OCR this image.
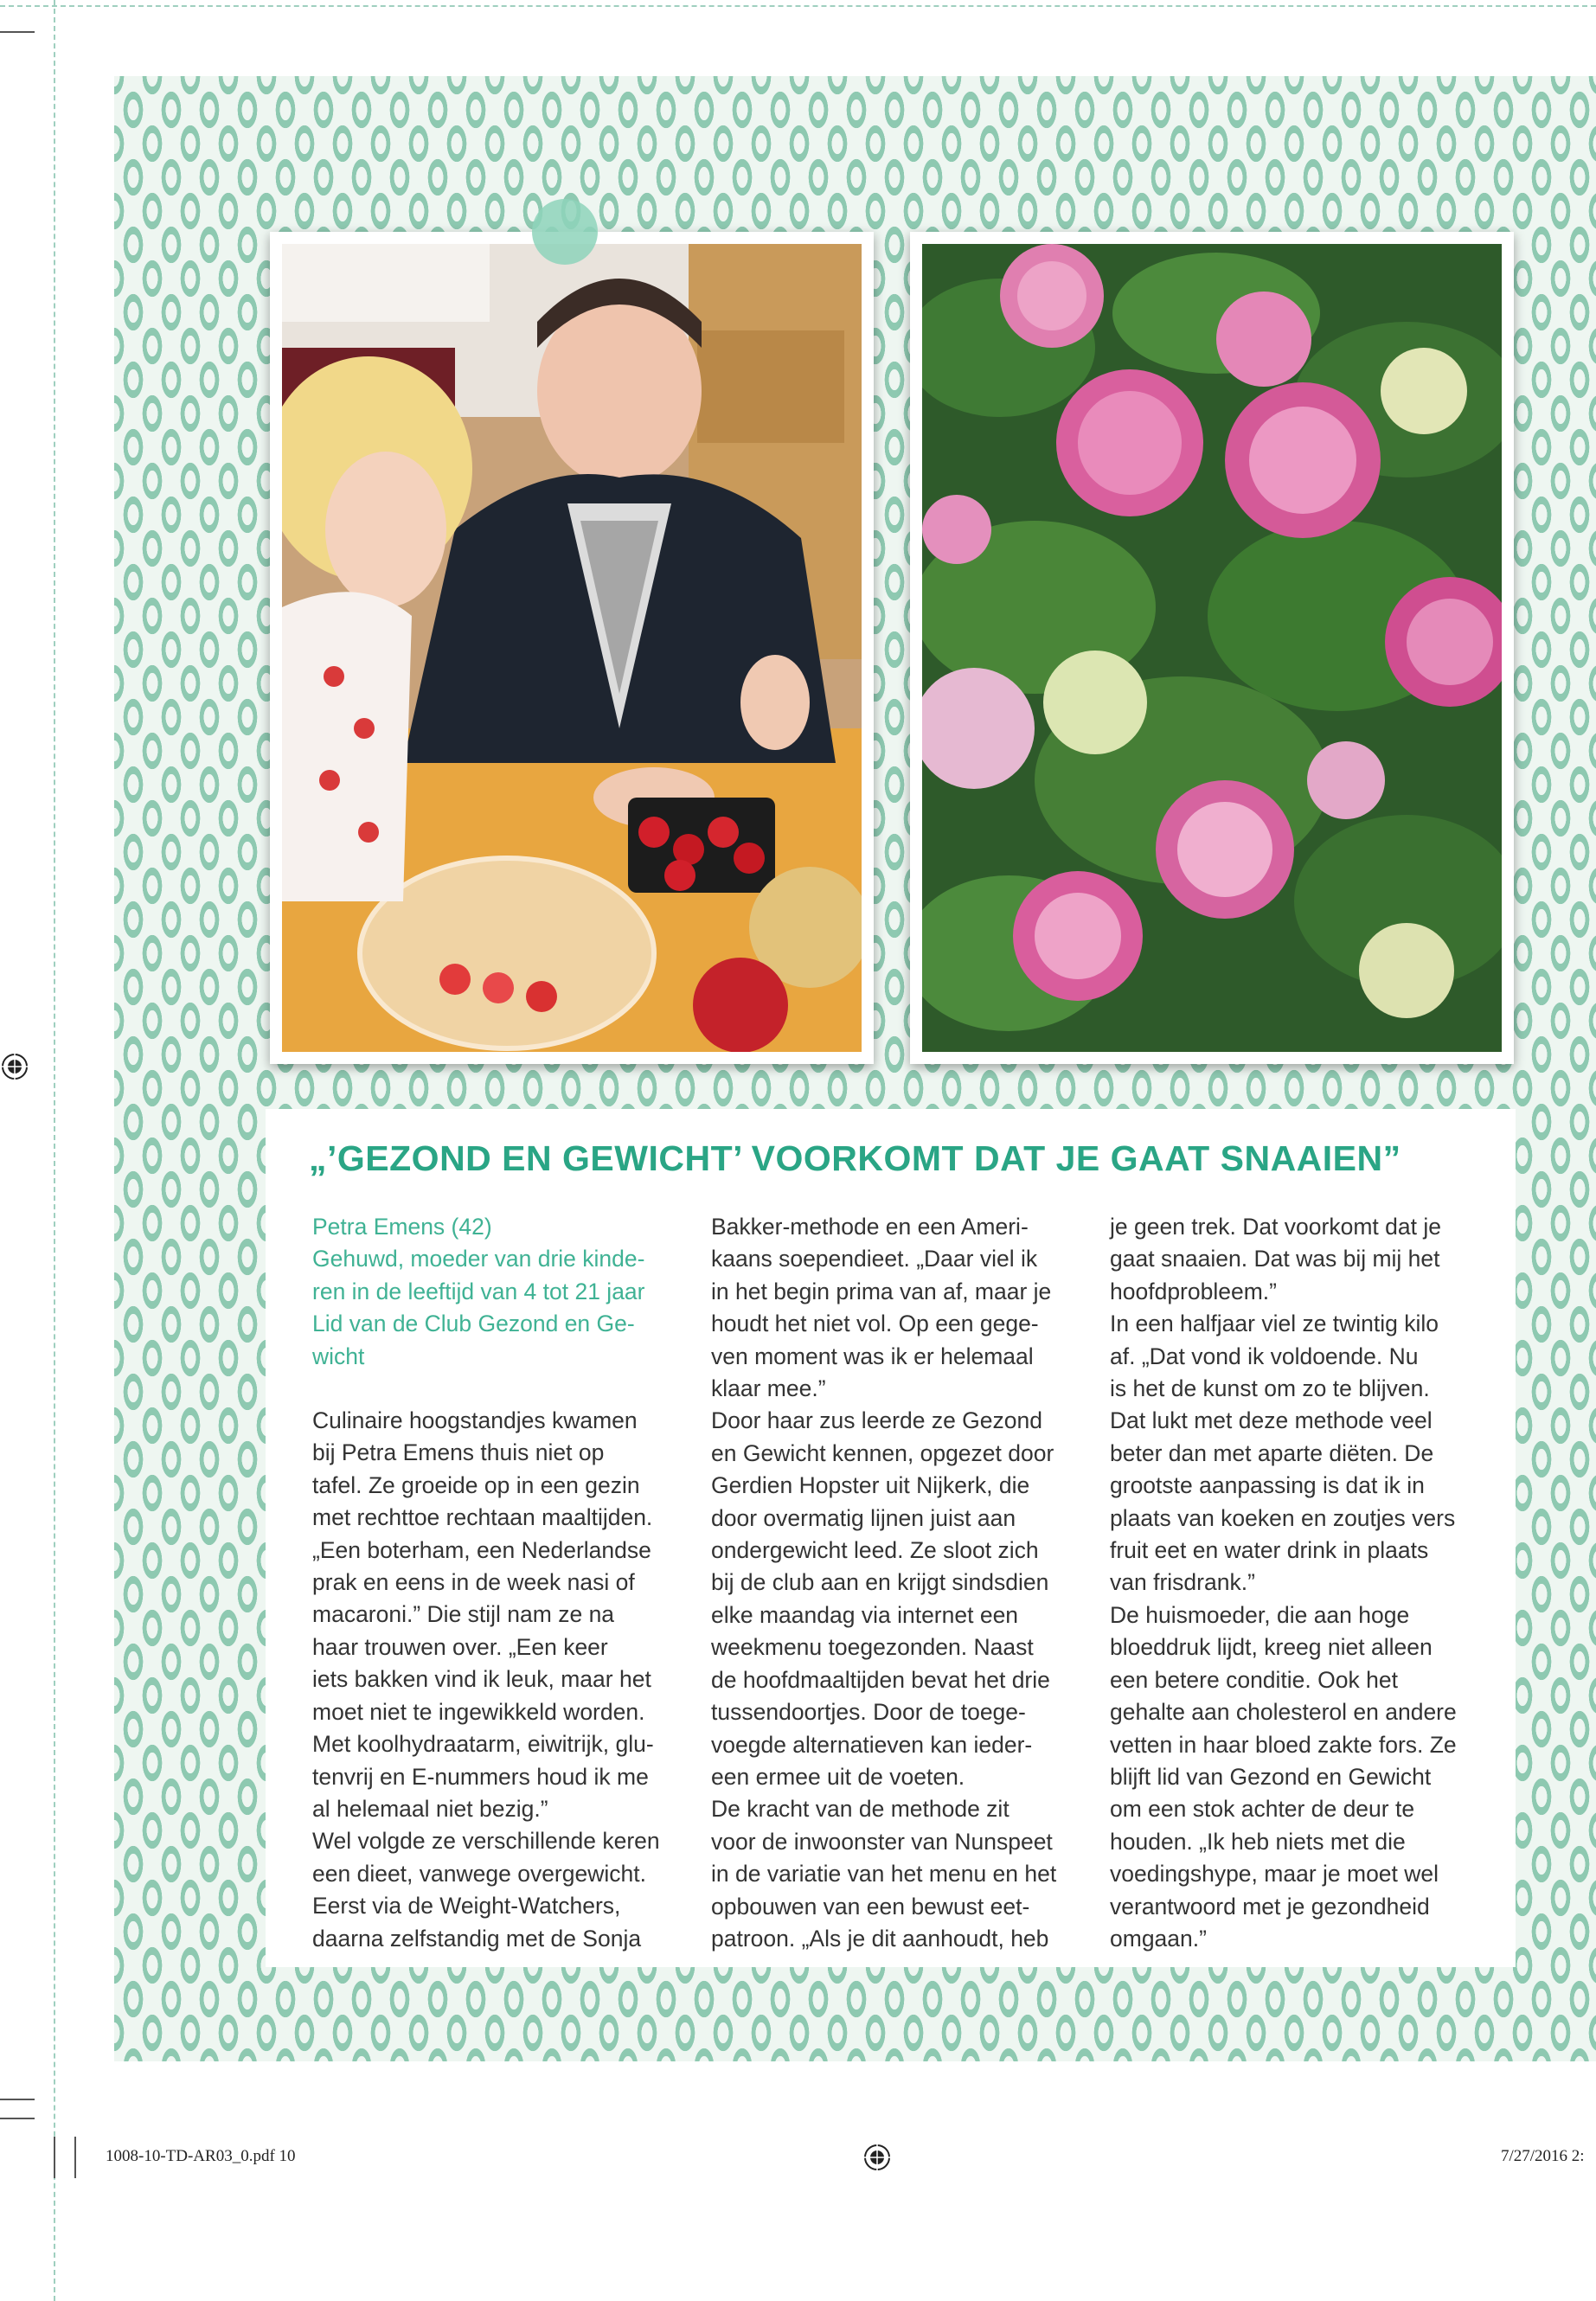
„’GEZOND EN GEWICHT’ VOORKOMT DAT JE GAAT SNAAIEN”

Petra Emens (42)

Gehuwd, moeder van drie kinde-

ren in de leeftijd van 4 tot 21 jaar

Lid van de Club Gezond en Ge-

wicht

Culinaire hoogstandjes kwamen

bij Petra Emens thuis niet op

tafel. Ze groeide op in een gezin

met rechttoe rechtaan maaltijden.

„Een boterham, een Nederlandse

prak en eens in de week nasi of

macaroni.” Die stijl nam ze na

haar trouwen over. „Een keer

iets bakken vind ik leuk, maar het

moet niet te ingewikkeld worden.

Met koolhydraatarm, eiwitrijk, glu-

tenvrij en E-nummers houd ik me

al helemaal niet bezig.”

Wel volgde ze verschillende keren

een dieet, vanwege overgewicht.

Eerst via de Weight-Watchers,

daarna zelfstandig met de Sonja

Bakker-methode en een Ameri-

kaans soependieet. „Daar viel ik

in het begin prima van af, maar je

houdt het niet vol. Op een gege-

ven moment was ik er helemaal

klaar mee.”

Door haar zus leerde ze Gezond

en Gewicht kennen, opgezet door

Gerdien Hopster uit Nijkerk, die

door overmatig lijnen juist aan

ondergewicht leed. Ze sloot zich

bij de club aan en krijgt sindsdien

elke maandag via internet een

weekmenu toegezonden. Naast

de hoofdmaaltijden bevat het drie

tussendoortjes. Door de toege-

voegde alternatieven kan ieder-

een ermee uit de voeten.

De kracht van de methode zit

voor de inwoonster van Nunspeet

in de variatie van het menu en het

opbouwen van een bewust eet-

patroon. „Als je dit aanhoudt, heb

je geen trek. Dat voorkomt dat je

gaat snaaien. Dat was bij mij het

hoofdprobleem.”

In een halfjaar viel ze twintig kilo

af. „Dat vond ik voldoende. Nu

is het de kunst om zo te blijven.

Dat lukt met deze methode veel

beter dan met aparte diëten. De

grootste aanpassing is dat ik in

plaats van koeken en zoutjes vers

fruit eet en water drink in plaats

van frisdrank.”

De huismoeder, die aan hoge

bloeddruk lijdt, kreeg niet alleen

een betere conditie. Ook het

gehalte aan cholesterol en andere

vetten in haar bloed zakte fors. Ze

blijft lid van Gezond en Gewicht

om een stok achter de deur te

houden. „Ik heb niets met die

voedingshype, maar je moet wel

verantwoord met je gezondheid

omgaan.”

1008-10-TD-AR03_0.pdf 10	7/27/2016 2:
